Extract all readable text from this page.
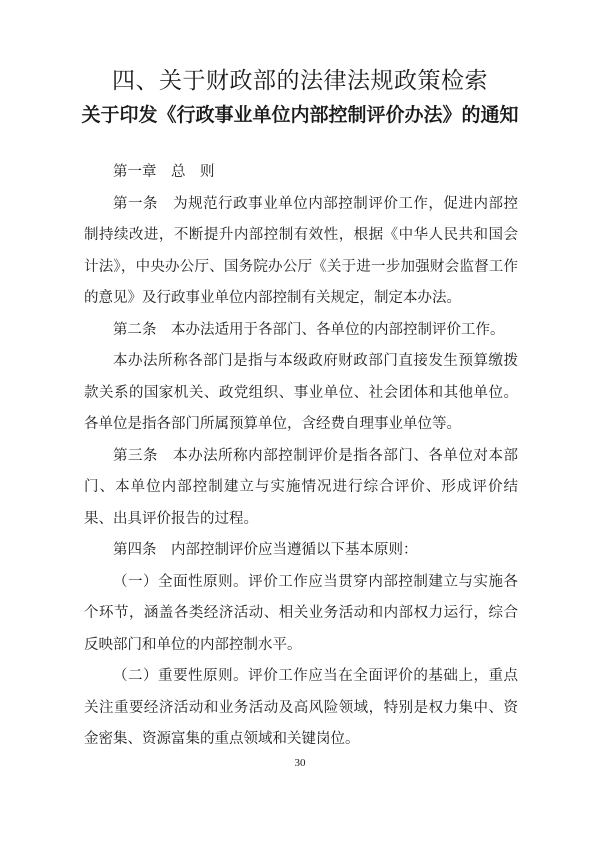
四、关于财政部的法律法规政策检索
关于印发《行政事业单位内部控制评价办法》的通知

第一章　总　则

第一条　为规范行政事业单位内部控制评价工作，促进内部控制持续改进，不断提升内部控制有效性，根据《中华人民共和国会计法》，中央办公厅、国务院办公厅《关于进一步加强财会监督工作的意见》及行政事业单位内部控制有关规定，制定本办法。

第二条　本办法适用于各部门、各单位的内部控制评价工作。

本办法所称各部门是指与本级政府财政部门直接发生预算缴拨款关系的国家机关、政党组织、事业单位、社会团体和其他单位。各单位是指各部门所属预算单位，含经费自理事业单位等。

第三条　本办法所称内部控制评价是指各部门、各单位对本部门、本单位内部控制建立与实施情况进行综合评价、形成评价结果、出具评价报告的过程。

第四条　内部控制评价应当遵循以下基本原则：

（一）全面性原则。评价工作应当贯穿内部控制建立与实施各个环节，涵盖各类经济活动、相关业务活动和内部权力运行，综合反映部门和单位的内部控制水平。

（二）重要性原则。评价工作应当在全面评价的基础上，重点关注重要经济活动和业务活动及高风险领域，特别是权力集中、资金密集、资源富集的重点领域和关键岗位。

30
